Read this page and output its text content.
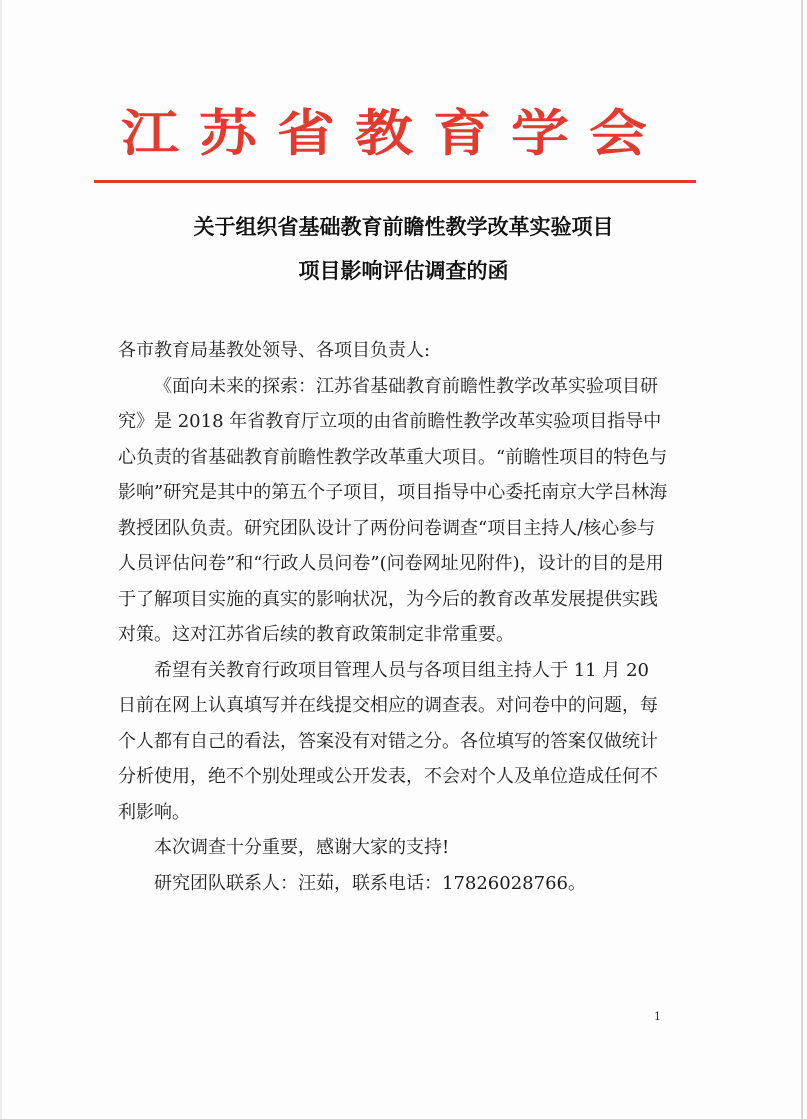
江苏省教育学会
关于组织省基础教育前瞻性教学改革实验项目
项目影响评估调查的函

各市教育局基教处领导、各项目负责人:

《面向未来的探索：江苏省基础教育前瞻性教学改革实验项目研究》是 2018 年省教育厅立项的由省前瞻性教学改革实验项目指导中心负责的省基础教育前瞻性教学改革重大项目。“前瞻性项目的特色与影响”研究是其中的第五个子项目，项目指导中心委托南京大学吕林海教授团队负责。研究团队设计了两份问卷调查“项目主持人/核心参与人员评估问卷”和“行政人员问卷”(问卷网址见附件)，设计的目的是用于了解项目实施的真实的影响状况，为今后的教育改革发展提供实践对策。这对江苏省后续的教育政策制定非常重要。

希望有关教育行政项目管理人员与各项目组主持人于 11 月 20 日前在网上认真填写并在线提交相应的调查表。对问卷中的问题，每个人都有自己的看法，答案没有对错之分。各位填写的答案仅做统计分析使用，绝不个别处理或公开发表，不会对个人及单位造成任何不利影响。

本次调查十分重要，感谢大家的支持!

研究团队联系人：汪茹，联系电话：17826028766。

1
